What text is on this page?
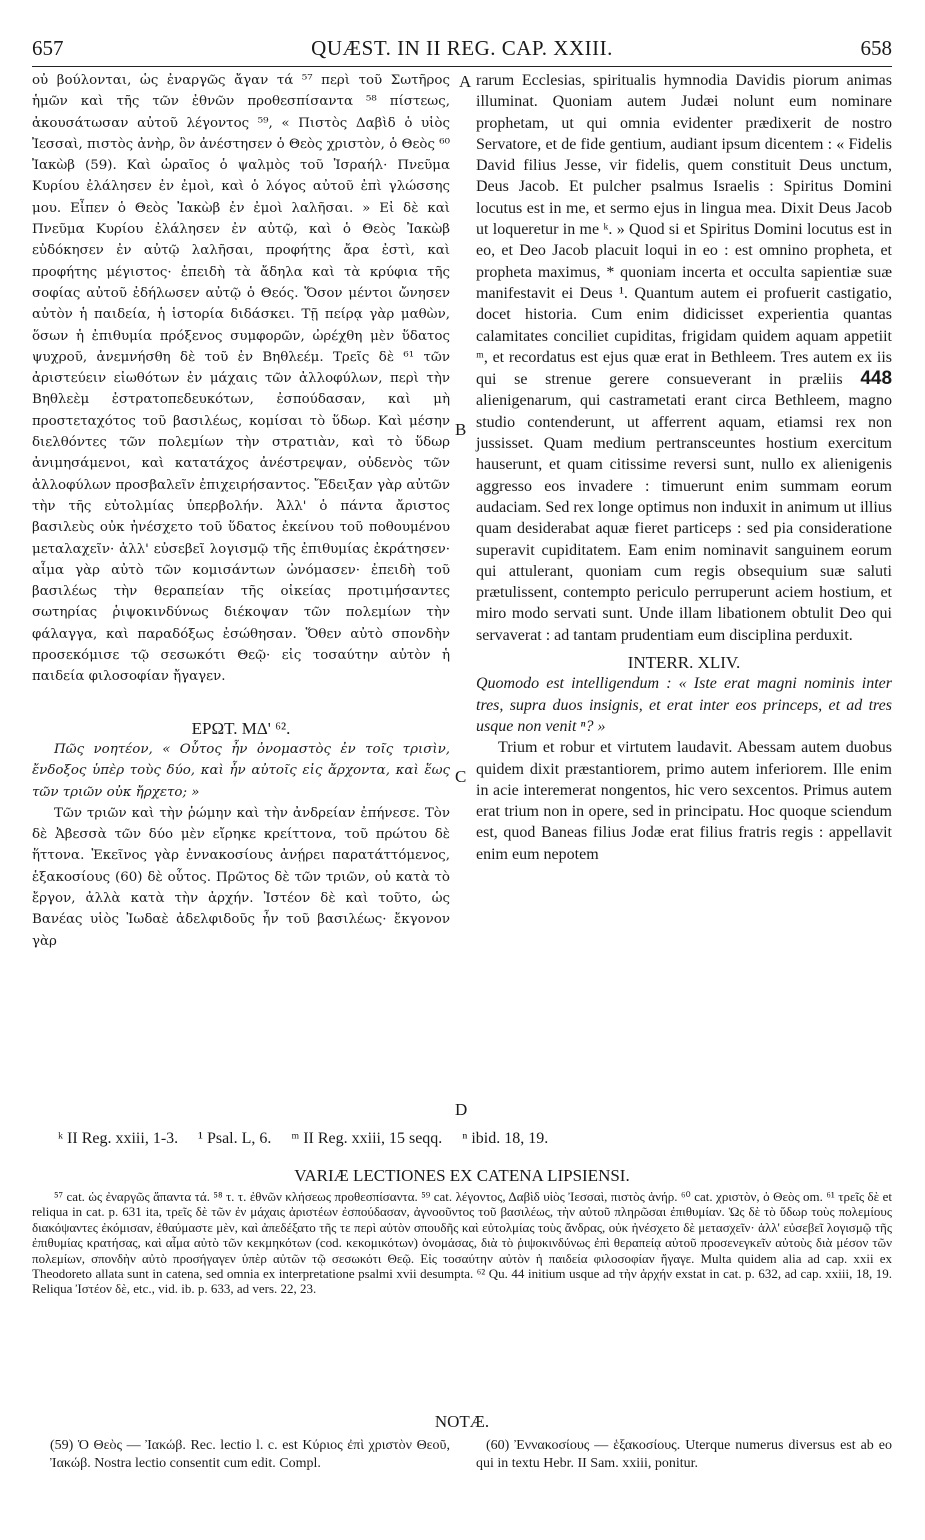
657	QUÆST. IN II REG. CAP. XXIII.	658

οὐ βούλονται, ὡς ἐναργῶς ἄγαν τά ⁵⁷ περὶ τοῦ Σωτῆρος ἡμῶν καὶ τῆς τῶν ἐθνῶν προθεσπίσαντα ⁵⁸ πίστεως, ἀκουσάτωσαν αὐτοῦ λέγοντος ⁵⁹, « Πιστὸς Δαβὶδ ὁ υἱὸς Ἰεσσαὶ, πιστὸς ἀνὴρ, ὃν ἀνέστησεν ὁ Θεὸς χριστὸν, ὁ Θεὸς ⁶⁰ Ἰακὼβ (59). Καὶ ὡραῖος ὁ ψαλμὸς τοῦ Ἰσραήλ· Πνεῦμα Κυρίου ἐλάλησεν ἐν ἐμοὶ, καὶ ὁ λόγος αὐτοῦ ἐπὶ γλώσσης μου. Εἶπεν ὁ Θεὸς Ἰακὼβ ἐν ἐμοὶ λαλῆσαι. » Εἰ δὲ καὶ Πνεῦμα Κυρίου ἐλάλησεν ἐν αὐτῷ, καὶ ὁ Θεὸς Ἰακὼβ εὐδόκησεν ἐν αὐτῷ λαλῆσαι, προφήτης ἄρα ἐστὶ, καὶ προφήτης μέγιστος· ἐπειδὴ τὰ ἄδηλα καὶ τὰ κρύφια τῆς σοφίας αὐτοῦ ἐδήλωσεν αὐτῷ ὁ Θεός. Ὅσον μέντοι ὤνησεν αὐτὸν ἡ παιδεία, ἡ ἱστορία διδάσκει. Τῇ πείρᾳ γὰρ μαθὼν, ὅσων ἡ ἐπιθυμία πρόξενος συμφορῶν, ὠρέχθη μὲν ὕδατος ψυχροῦ, ἀνεμνήσθη δὲ τοῦ ἐν Βηθλεέμ. Τρεῖς δὲ ⁶¹ τῶν ἀριστεύειν εἰωθότων ἐν μάχαις τῶν ἀλλοφύλων, περὶ τὴν Βηθλεὲμ ἐστρατοπεδευκότων, ἐσπούδασαν, καὶ μὴ προστεταχότος τοῦ βασιλέως, κομίσαι τὸ ὕδωρ. Καὶ μέσην διελθόντες τῶν πολεμίων τὴν στρατιὰν, καὶ τὸ ὕδωρ ἀνιμησάμενοι, καὶ κατατάχος ἀνέστρεψαν, οὐδενὸς τῶν ἀλλοφύλων προσβαλεῖν ἐπιχειρήσαντος. Ἔδειξαν γὰρ αὐτῶν τὴν τῆς εὐτολμίας ὑπερβολήν. Ἀλλ' ὁ πάντα ἄριστος βασιλεὺς οὐκ ἠνέσχετο τοῦ ὕδατος ἐκείνου τοῦ ποθουμένου μεταλαχεῖν· ἀλλ' εὐσεβεῖ λογισμῷ τῆς ἐπιθυμίας ἐκράτησεν· αἷμα γὰρ αὐτὸ τῶν κομισάντων ὠνόμασεν· ἐπειδὴ τοῦ βασιλέως τὴν θεραπείαν τῆς οἰκείας προτιμήσαντες σωτηρίας ῥιψοκινδύνως διέκοψαν τῶν πολεμίων τὴν φάλαγγα, καὶ παραδόξως ἐσώθησαν. Ὅθεν αὐτὸ σπονδὴν προσεκόμισε τῷ σεσωκότι Θεῷ· εἰς τοσαύτην αὐτὸν ἡ παιδεία φιλοσοφίαν ἤγαγεν.

ΕΡΩΤ. ΜΔ' ⁶².

Πῶς νοητέον, « Οὗτος ἦν ὀνομαστὸς ἐν τοῖς τρισὶν, ἔνδοξος ὑπὲρ τοὺς δύο, καὶ ἦν αὐτοῖς εἰς ἄρχοντα, καὶ ἕως τῶν τριῶν οὐκ ἤρχετο; »

Τῶν τριῶν καὶ τὴν ῥώμην καὶ τὴν ἀνδρείαν ἐπήνεσε. Τὸν δὲ Ἀβεσσὰ τῶν δύο μὲν εἴρηκε κρείττονα, τοῦ πρώτου δὲ ἥττονα. Ἐκεῖνος γὰρ ἐννακοσίους ἀνῄρει παρατάττόμενος, ἑξακοσίους (60) δὲ οὗτος. Πρῶτος δὲ τῶν τριῶν, οὐ κατὰ τὸ ἔργον, ἀλλὰ κατὰ τὴν ἀρχήν. Ἰστέον δὲ καὶ τοῦτο, ὡς Βανέας υἱὸς Ἰωδαὲ ἀδελφιδοῦς ἦν τοῦ βασιλέως· ἔκγονον γὰρ

A
B
C
D

rarum Ecclesias, spiritualis hymnodia Davidis piorum animas illuminat. Quoniam autem Judæi nolunt eum nominare prophetam, ut qui omnia evidenter prædixerit de nostro Servatore, et de fide gentium, audiant ipsum dicentem : « Fidelis David filius Jesse, vir fidelis, quem constituit Deus unctum, Deus Jacob. Et pulcher psalmus Israelis : Spiritus Domini locutus est in me, et sermo ejus in lingua mea. Dixit Deus Jacob ut loqueretur in me ᵏ. » Quod si et Spiritus Domini locutus est in eo, et Deo Jacob placuit loqui in eo : est omnino propheta, et propheta maximus, * quoniam incerta et occulta sapientiæ suæ manifestavit ei Deus ¹. Quantum autem ei profuerit castigatio, docet historia. Cum enim didicisset experientia quantas calamitates conciliet cupiditas, frigidam quidem aquam appetiit ᵐ, et recordatus est ejus quæ erat in Bethleem. Tres autem ex iis qui se strenue gerere consueverant in præliis 448 alienigenarum, qui castrametati erant circa Bethleem, magno studio contenderunt, ut afferrent aquam, etiamsi rex non jussisset. Quam medium pertransceuntes hostium exercitum hauserunt, et quam citissime reversi sunt, nullo ex alienigenis aggresso eos invadere : timuerunt enim summam eorum audaciam. Sed rex longe optimus non induxit in animum ut illius quam desiderabat aquæ fieret particeps : sed pia consideratione superavit cupiditatem. Eam enim nominavit sanguinem eorum qui attulerant, quoniam cum regis obsequium suæ saluti prætulissent, contempto periculo perruperunt aciem hostium, et miro modo servati sunt. Unde illam libationem obtulit Deo qui servaverat : ad tantam prudentiam eum disciplina perduxit.

INTERR. XLIV.

Quomodo est intelligendum : « Iste erat magni nominis inter tres, supra duos insignis, et erat inter eos princeps, et ad tres usque non venit ⁿ? »

Trium et robur et virtutem laudavit. Abessam autem duobus quidem dixit præstantiorem, primo autem inferiorem. Ille enim in acie interemerat nongentos, hic vero sexcentos. Primus autem erat trium non in opere, sed in principatu. Hoc quoque sciendum est, quod Baneas filius Jodæ erat filius fratris regis : appellavit enim eum nepotem

ᵏ II Reg. xxiii, 1-3. ¹ Psal. L, 6. ᵐ II Reg. xxiii, 15 seqq. ⁿ ibid. 18, 19.
VARIÆ LECTIONES EX CATENA LIPSIENSI.
⁵⁷ cat. ὡς ἐναργῶς ἅπαντα τά. ⁵⁸ τ. τ. ἐθνῶν κλήσεως προθεσπίσαντα. ⁵⁹ cat. λέγοντος, Δαβὶδ υἱὸς Ἰεσσαὶ, πιστὸς ἀνήρ. ⁶⁰ cat. χριστὸν, ὁ Θεὸς om. ⁶¹ τρεῖς δὲ et reliqua in cat. p. 631 ita, τρεῖς δὲ τῶν ἐν μάχαις ἀριστέων ἐσπούδασαν, ἀγνοοῦντος τοῦ βασιλέως, τὴν αὐτοῦ πληρῶσαι ἐπιθυμίαν. Ὡς δὲ τὸ ὕδωρ τοὺς πολεμίους διακόψαντες ἐκόμισαν, ἐθαύμαστε μὲν, καὶ ἀπεδέξατο τῆς τε περὶ αὐτὸν σπουδῆς καὶ εὐτολμίας τοὺς ἄνδρας, οὐκ ἠνέσχετο δὲ μετασχεῖν· ἀλλ' εὐσεβεῖ λογισμῷ τῆς ἐπιθυμίας κρατήσας, καὶ αἷμα αὐτὸ τῶν κεκμηκότων (cod. κεκομικότων) ὀνομάσας, διὰ τὸ ῥιψοκινδύνως ἐπὶ θεραπείᾳ αὐτοῦ προσενεγκεῖν αὐτοὺς διὰ μέσον τῶν πολεμίων, σπονδὴν αὐτὸ προσήγαγεν ὑπὲρ αὐτῶν τῷ σεσωκότι Θεῷ. Εἰς τοσαύτην αὐτὸν ἡ παιδεία φιλοσοφίαν ἤγαγε. Multa quidem alia ad cap. xxii ex Theodoreto allata sunt in catena, sed omnia ex interpretatione psalmi xvii desumpta. ⁶² Qu. 44 initium usque ad τὴν ἀρχήν exstat in cat. p. 632, ad cap. xxiii, 18, 19. Reliqua Ἰστέον δὲ, etc., vid. ib. p. 633, ad vers. 22, 23.
NOTÆ.
(59) Ὁ Θεὸς — Ἰακώβ. Rec. lectio l. c. est Κύριος ἐπὶ χριστὸν Θεοῦ, Ἰακώβ. Nostra lectio consentit cum edit. Compl.
(60) Ἐννακοσίους — ἑξακοσίους. Uterque numerus diversus est ab eo qui in textu Hebr. II Sam. xxiii, ponitur.
